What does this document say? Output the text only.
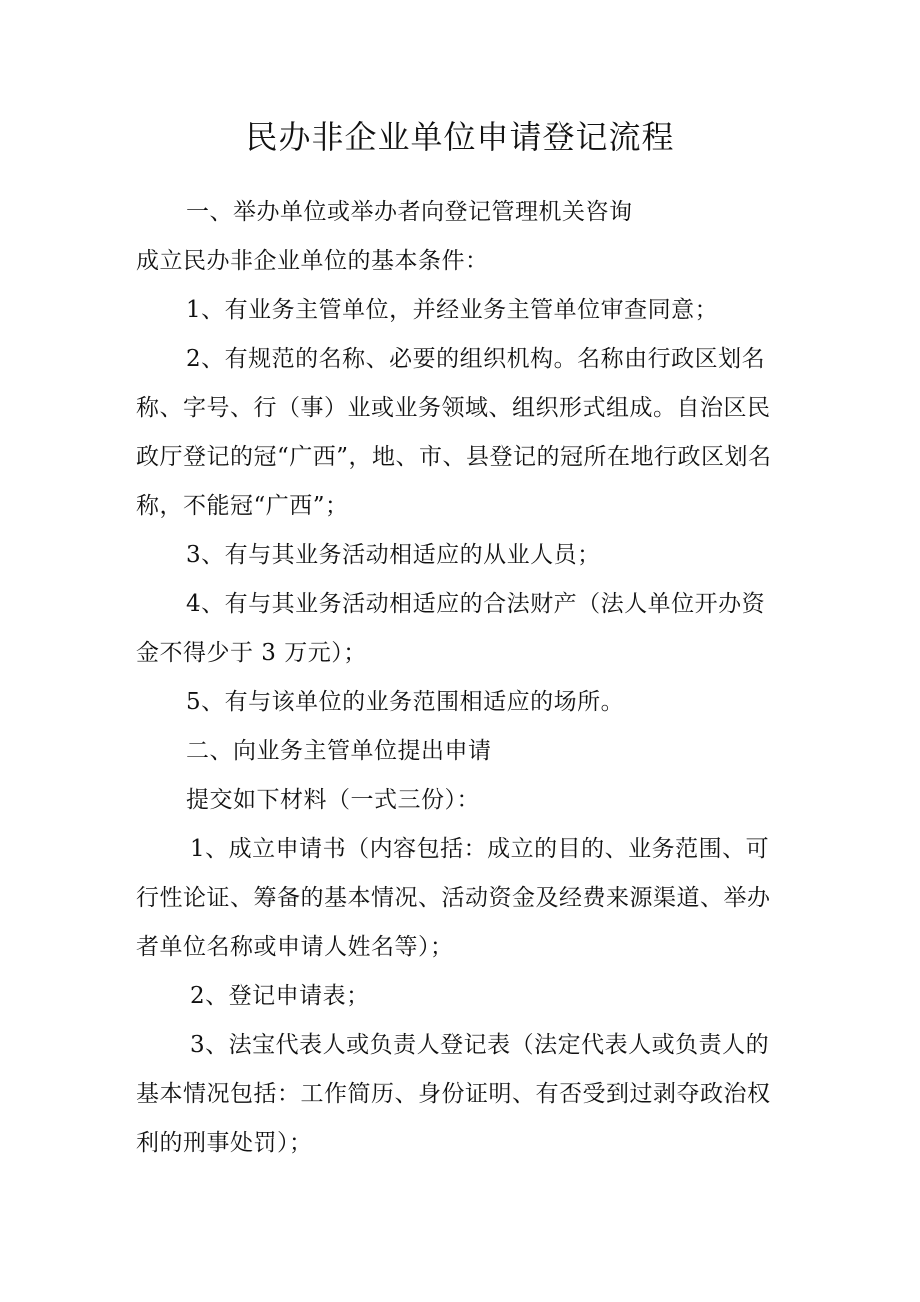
民办非企业单位申请登记流程

一、举办单位或举办者向登记管理机关咨询

成立民办非企业单位的基本条件：

1、有业务主管单位，并经业务主管单位审查同意；

2、有规范的名称、必要的组织机构。名称由行政区划名称、字号、行（事）业或业务领域、组织形式组成。自治区民政厅登记的冠“广西”，地、市、县登记的冠所在地行政区划名称，不能冠“广西”；

3、有与其业务活动相适应的从业人员；

4、有与其业务活动相适应的合法财产（法人单位开办资金不得少于 3 万元）；

5、有与该单位的业务范围相适应的场所。

二、向业务主管单位提出申请

提交如下材料（一式三份）：

1、成立申请书（内容包括：成立的目的、业务范围、可行性论证、筹备的基本情况、活动资金及经费来源渠道、举办者单位名称或申请人姓名等）；

2、登记申请表；

3、法宝代表人或负责人登记表（法定代表人或负责人的基本情况包括：工作简历、身份证明、有否受到过剥夺政治权利的刑事处罚）；
